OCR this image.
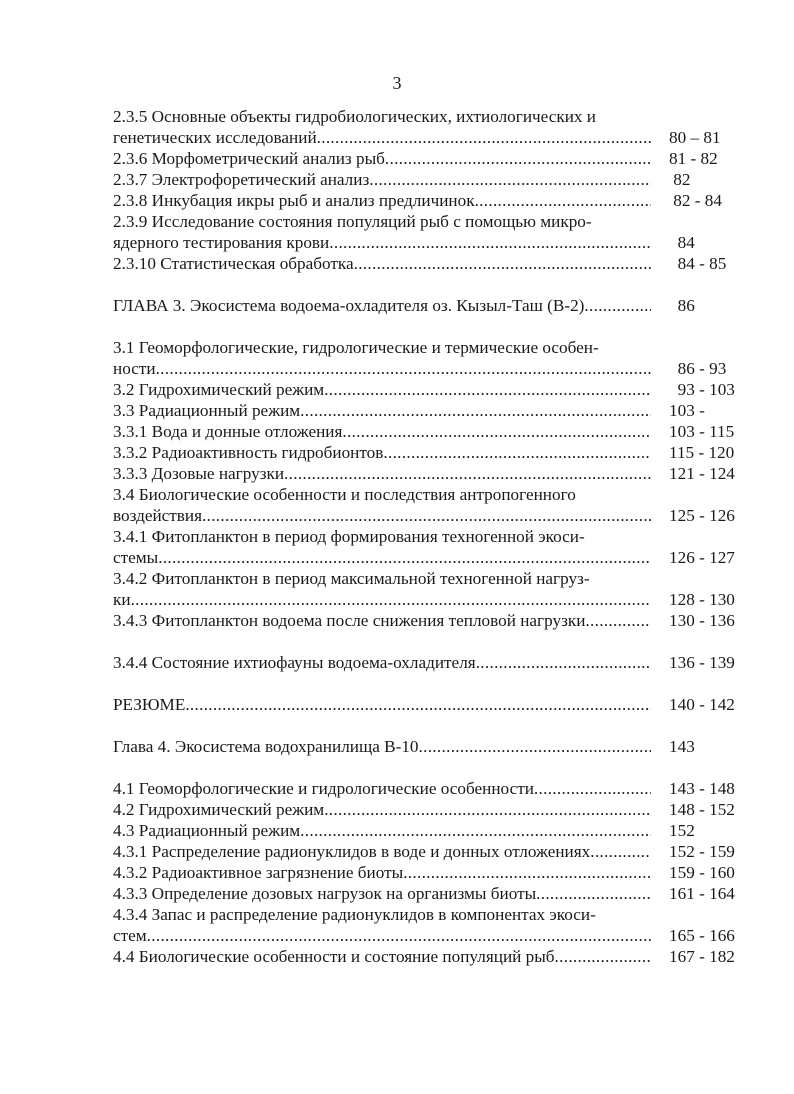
3
2.3.5 Основные объекты гидробиологических, ихтиологических и
генетических исследований .....	80 – 81
2.3.6 Морфометрический анализ рыб .....	81 - 82
2.3.7 Электрофоретический анализ .....	82
2.3.8 Инкубация икры рыб и анализ предличинок .....	82 - 84
2.3.9 Исследование состояния популяций рыб с помощью микро-
ядерного тестирования крови .....	84
2.3.10 Статистическая обработка .....	84 - 85
ГЛАВА 3. Экосистема водоема-охладителя оз. Кызыл-Таш (В-2) .....	86
3.1 Геоморфологические, гидрологические и термические особен-
ности .....	86 - 93
3.2 Гидрохимический режим .....	93 - 103
3.3 Радиационный режим .....	103 -
3.3.1 Вода и донные отложения .....	103 - 115
3.3.2 Радиоактивность гидробионтов .....	115 - 120
3.3.3 Дозовые нагрузки .....	121 - 124
3.4 Биологические особенности и последствия антропогенного
воздействия .....	125 - 126
3.4.1 Фитопланктон в период формирования техногенной экоси-
стемы .....	126 - 127
3.4.2 Фитопланктон в период максимальной техногенной нагруз-
ки .....	128 - 130
3.4.3 Фитопланктон водоема после снижения тепловой нагрузки .....	130 - 136
3.4.4 Состояние ихтиофауны водоема-охладителя .....	136 - 139
РЕЗЮМЕ .....	140 - 142
Глава 4. Экосистема водохранилища В-10 .....	143
4.1 Геоморфологические и гидрологические особенности .....	143 - 148
4.2 Гидрохимический режим .....	148 - 152
4.3 Радиационный режим .....	152
4.3.1 Распределение радионуклидов в воде и донных отложениях .....	152 - 159
4.3.2 Радиоактивное загрязнение биоты .....	159 - 160
4.3.3 Определение дозовых нагрузок на организмы биоты .....	161 - 164
4.3.4 Запас и распределение радионуклидов в компонентах экоси-
стем .....	165 - 166
4.4 Биологические особенности и состояние популяций рыб .....	167 - 182
